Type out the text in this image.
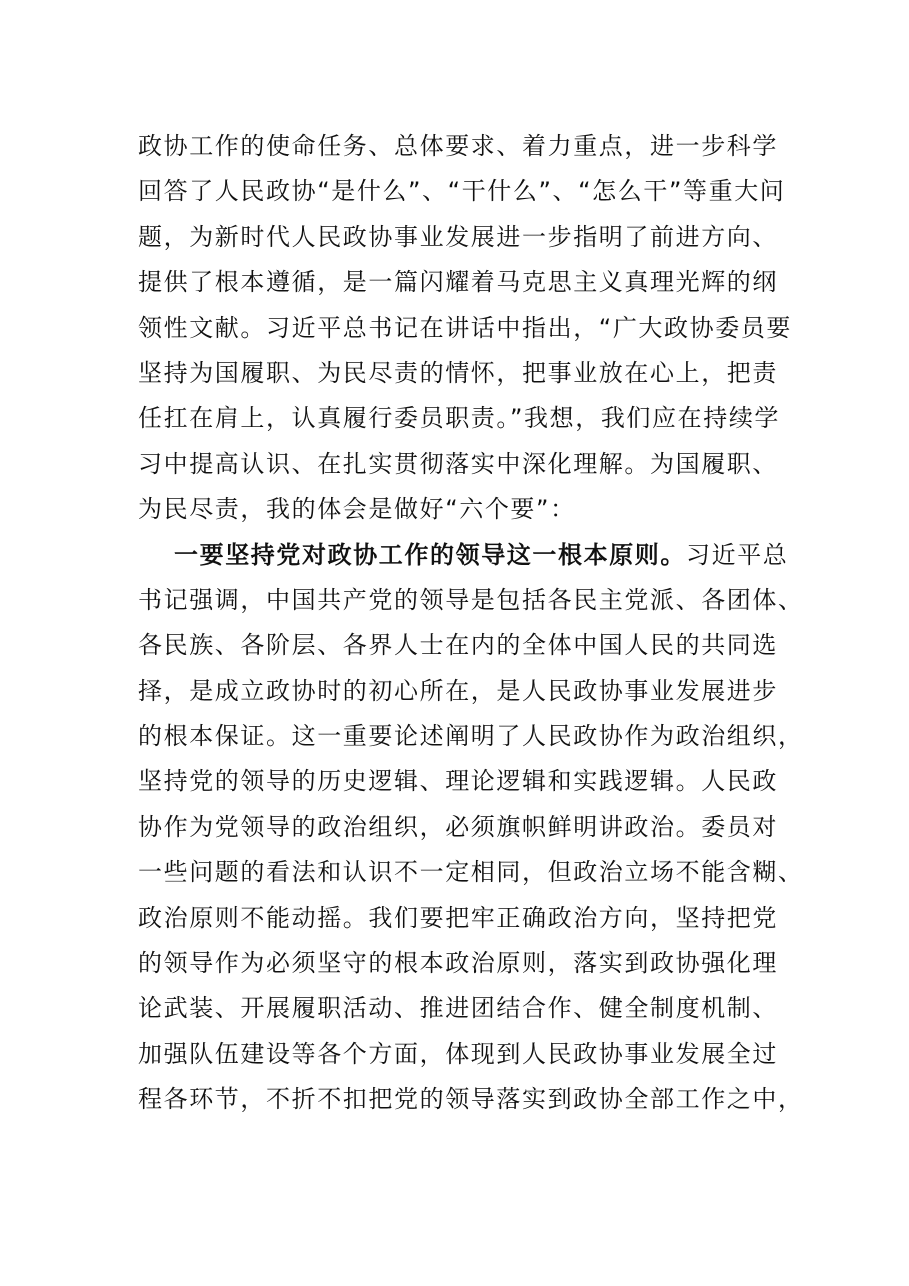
政协工作的使命任务、总体要求、着力重点，进一步科学
回答了人民政协“是什么”、“干什么”、“怎么干”等重大问
题，为新时代人民政协事业发展进一步指明了前进方向、
提供了根本遵循，是一篇闪耀着马克思主义真理光辉的纲
领性文献。习近平总书记在讲话中指出，“广大政协委员要
坚持为国履职、为民尽责的情怀，把事业放在心上，把责
任扛在肩上，认真履行委员职责。”我想，我们应在持续学
习中提高认识、在扎实贯彻落实中深化理解。为国履职、
为民尽责，我的体会是做好“六个要”：
一要坚持党对政协工作的领导这一根本原则。习近平总
书记强调，中国共产党的领导是包括各民主党派、各团体、
各民族、各阶层、各界人士在内的全体中国人民的共同选
择，是成立政协时的初心所在，是人民政协事业发展进步
的根本保证。这一重要论述阐明了人民政协作为政治组织，
坚持党的领导的历史逻辑、理论逻辑和实践逻辑。人民政
协作为党领导的政治组织，必须旗帜鲜明讲政治。委员对
一些问题的看法和认识不一定相同，但政治立场不能含糊、
政治原则不能动摇。我们要把牢正确政治方向，坚持把党
的领导作为必须坚守的根本政治原则，落实到政协强化理
论武装、开展履职活动、推进团结合作、健全制度机制、
加强队伍建设等各个方面，体现到人民政协事业发展全过
程各环节，不折不扣把党的领导落实到政协全部工作之中，
